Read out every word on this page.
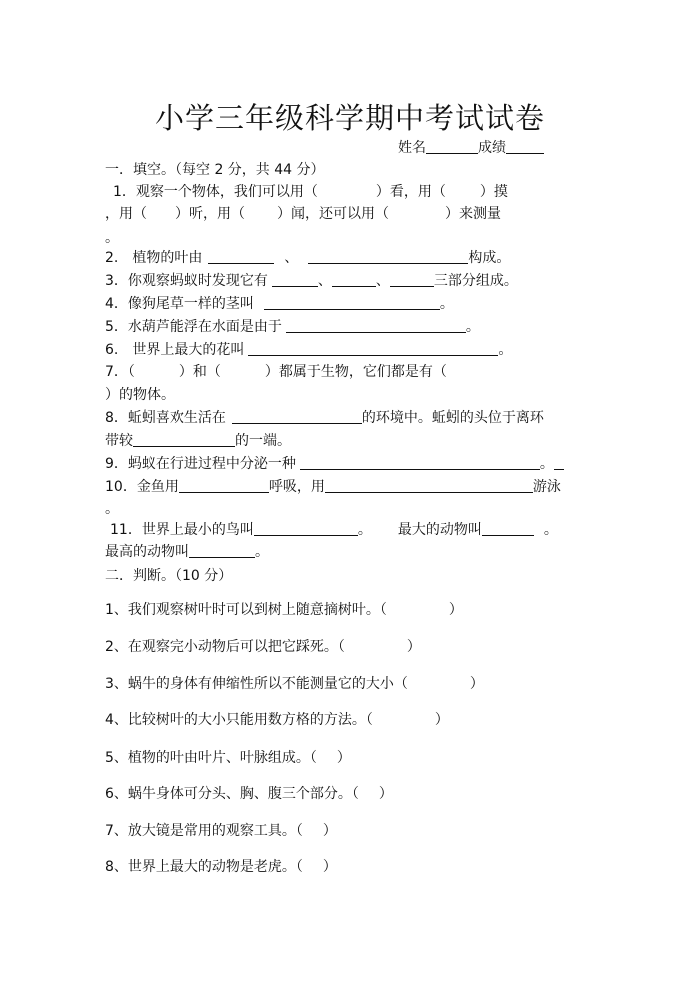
小学三年级科学期中考试试卷
姓名	成绩
一．填空。（每空 2 分，共 44 分）
1．观察一个物体，我们可以用（	）看，用（ ）摸
，用（ ）听，用（ ）闻，还可以用（	）来测量
。
2.　植物的叶由	、	构成。
3．你观察蚂蚁时发现它有	、	、	三部分组成。
4．像狗尾草一样的茎叫	。
5．水葫芦能浮在水面是由于	。
6.　世界上最大的花叫	。
7．（	）和（	）都属于生物，它们都是有（
）的物体。
8．蚯蚓喜欢生活在	的环境中。蚯蚓的头位于离环
带较	的一端。
9．蚂蚁在行进过程中分泌一种	。
10．金鱼用	呼吸，用	游泳
。
11．世界上最小的鸟叫	。 最大的动物叫	。
最高的动物叫	。
二．判断。（10 分）
1、我们观察树叶时可以到树上随意摘树叶。（	）
2、在观察完小动物后可以把它踩死。（	）
3、蜗牛的身体有伸缩性所以不能测量它的大小（	）
4、比较树叶的大小只能用数方格的方法。（	）
5、植物的叶由叶片、叶脉组成。（ ）
6、蜗牛身体可分头、胸、腹三个部分。（ ）
7、放大镜是常用的观察工具。（ ）
8、世界上最大的动物是老虎。（ ）
